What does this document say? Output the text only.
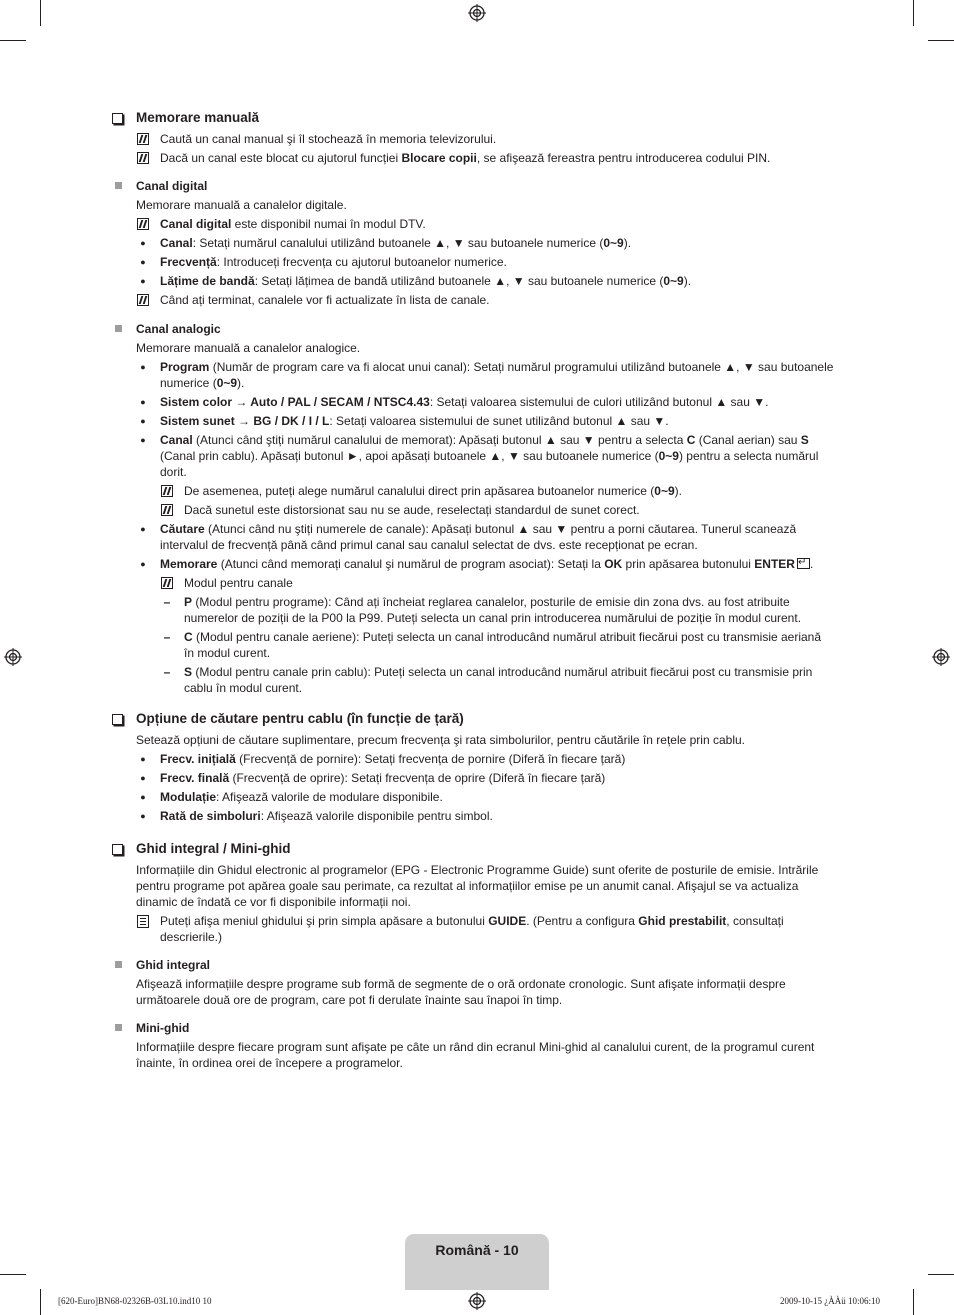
Memorare manuală
Caută un canal manual şi îl stochează în memoria televizorului.
Dacă un canal este blocat cu ajutorul funcției Blocare copii, se afişează fereastra pentru introducerea codului PIN.
Canal digital

Memorare manuală a canalelor digitale.

Canal digital este disponibil numai în modul DTV.
●	Canal: Setați numărul canalului utilizând butoanele ▲, ▼ sau butoanele numerice (0~9).
●	Frecvență: Introduceți frecvența cu ajutorul butoanelor numerice.
●	Lățime de bandă: Setați lățimea de bandă utilizând butoanele ▲, ▼ sau butoanele numerice (0~9).
Când ați terminat, canalele vor fi actualizate în lista de canale.
Canal analogic

Memorare manuală a canalelor analogice.

●	Program (Număr de program care va fi alocat unui canal): Setați numărul programului utilizând butoanele ▲, ▼ sau butoanele numerice (0~9).
●	Sistem color → Auto / PAL / SECAM / NTSC4.43: Setați valoarea sistemului de culori utilizând butonul ▲ sau ▼.
●	Sistem sunet → BG / DK / I / L: Setați valoarea sistemului de sunet utilizând butonul ▲ sau ▼.
●	Canal (Atunci când ştiți numărul canalului de memorat): Apăsați butonul ▲ sau ▼ pentru a selecta C (Canal aerian) sau S (Canal prin cablu). Apăsați butonul ►, apoi apăsați butoanele ▲, ▼ sau butoanele numerice (0~9) pentru a selecta numărul dorit.
De asemenea, puteți alege numărul canalului direct prin apăsarea butoanelor numerice (0~9).
Dacă sunetul este distorsionat sau nu se aude, reselectați standardul de sunet corect.
●	Căutare (Atunci când nu ştiți numerele de canale): Apăsați butonul ▲ sau ▼ pentru a porni căutarea. Tunerul scanează intervalul de frecvență până când primul canal sau canalul selectat de dvs. este recepționat pe ecran.
●	Memorare (Atunci când memorați canalul şi numărul de program asociat): Setați la OK prin apăsarea butonului ENTER↵ .
Modul pentru canale
–	P (Modul pentru programe): Când ați încheiat reglarea canalelor, posturile de emisie din zona dvs. au fost atribuite numerelor de poziții de la P00 la P99. Puteți selecta un canal prin introducerea numărului de poziție în modul curent.
–	C (Modul pentru canale aeriene): Puteți selecta un canal introducând numărul atribuit fiecărui post cu transmisie aeriană în modul curent.
–	S (Modul pentru canale prin cablu): Puteți selecta un canal introducând numărul atribuit fiecărui post cu transmisie prin cablu în modul curent.
Opțiune de căutare pentru cablu (în funcție de țară)

Setează opțiuni de căutare suplimentare, precum frecvența şi rata simbolurilor, pentru căutările în rețele prin cablu.

●	Frecv. inițială (Frecvență de pornire): Setați frecvența de pornire (Diferă în fiecare țară)
●	Frecv. finală (Frecvență de oprire): Setați frecvența de oprire (Diferă în fiecare țară)
●	Modulație: Afişează valorile de modulare disponibile.
●	Rată de simboluri: Afişează valorile disponibile pentru simbol.
Ghid integral / Mini-ghid

Informațiile din Ghidul electronic al programelor (EPG - Electronic Programme Guide) sunt oferite de posturile de emisie. Intrările pentru programe pot apărea goale sau perimate, ca rezultat al informațiilor emise pe un anumit canal. Afişajul se va actualiza dinamic de îndată ce vor fi disponibile informații noi.

Puteți afişa meniul ghidului şi prin simpla apăsare a butonului GUIDE. (Pentru a configura Ghid prestabilit, consultați descrierile.)
Ghid integral

Afişează informațiile despre programe sub formă de segmente de o oră ordonate cronologic. Sunt afişate informații despre următoarele două ore de program, care pot fi derulate înainte sau înapoi în timp.

Mini-ghid

Informațiile despre fiecare program sunt afişate pe câte un rând din ecranul Mini-ghid al canalului curent, de la programul curent înainte, în ordinea orei de începere a programelor.

Română - 10
[620-Euro]BN68-02326B-03L10.ind10 10	2009-10-15 ¿ÀÀü 10:06:10
